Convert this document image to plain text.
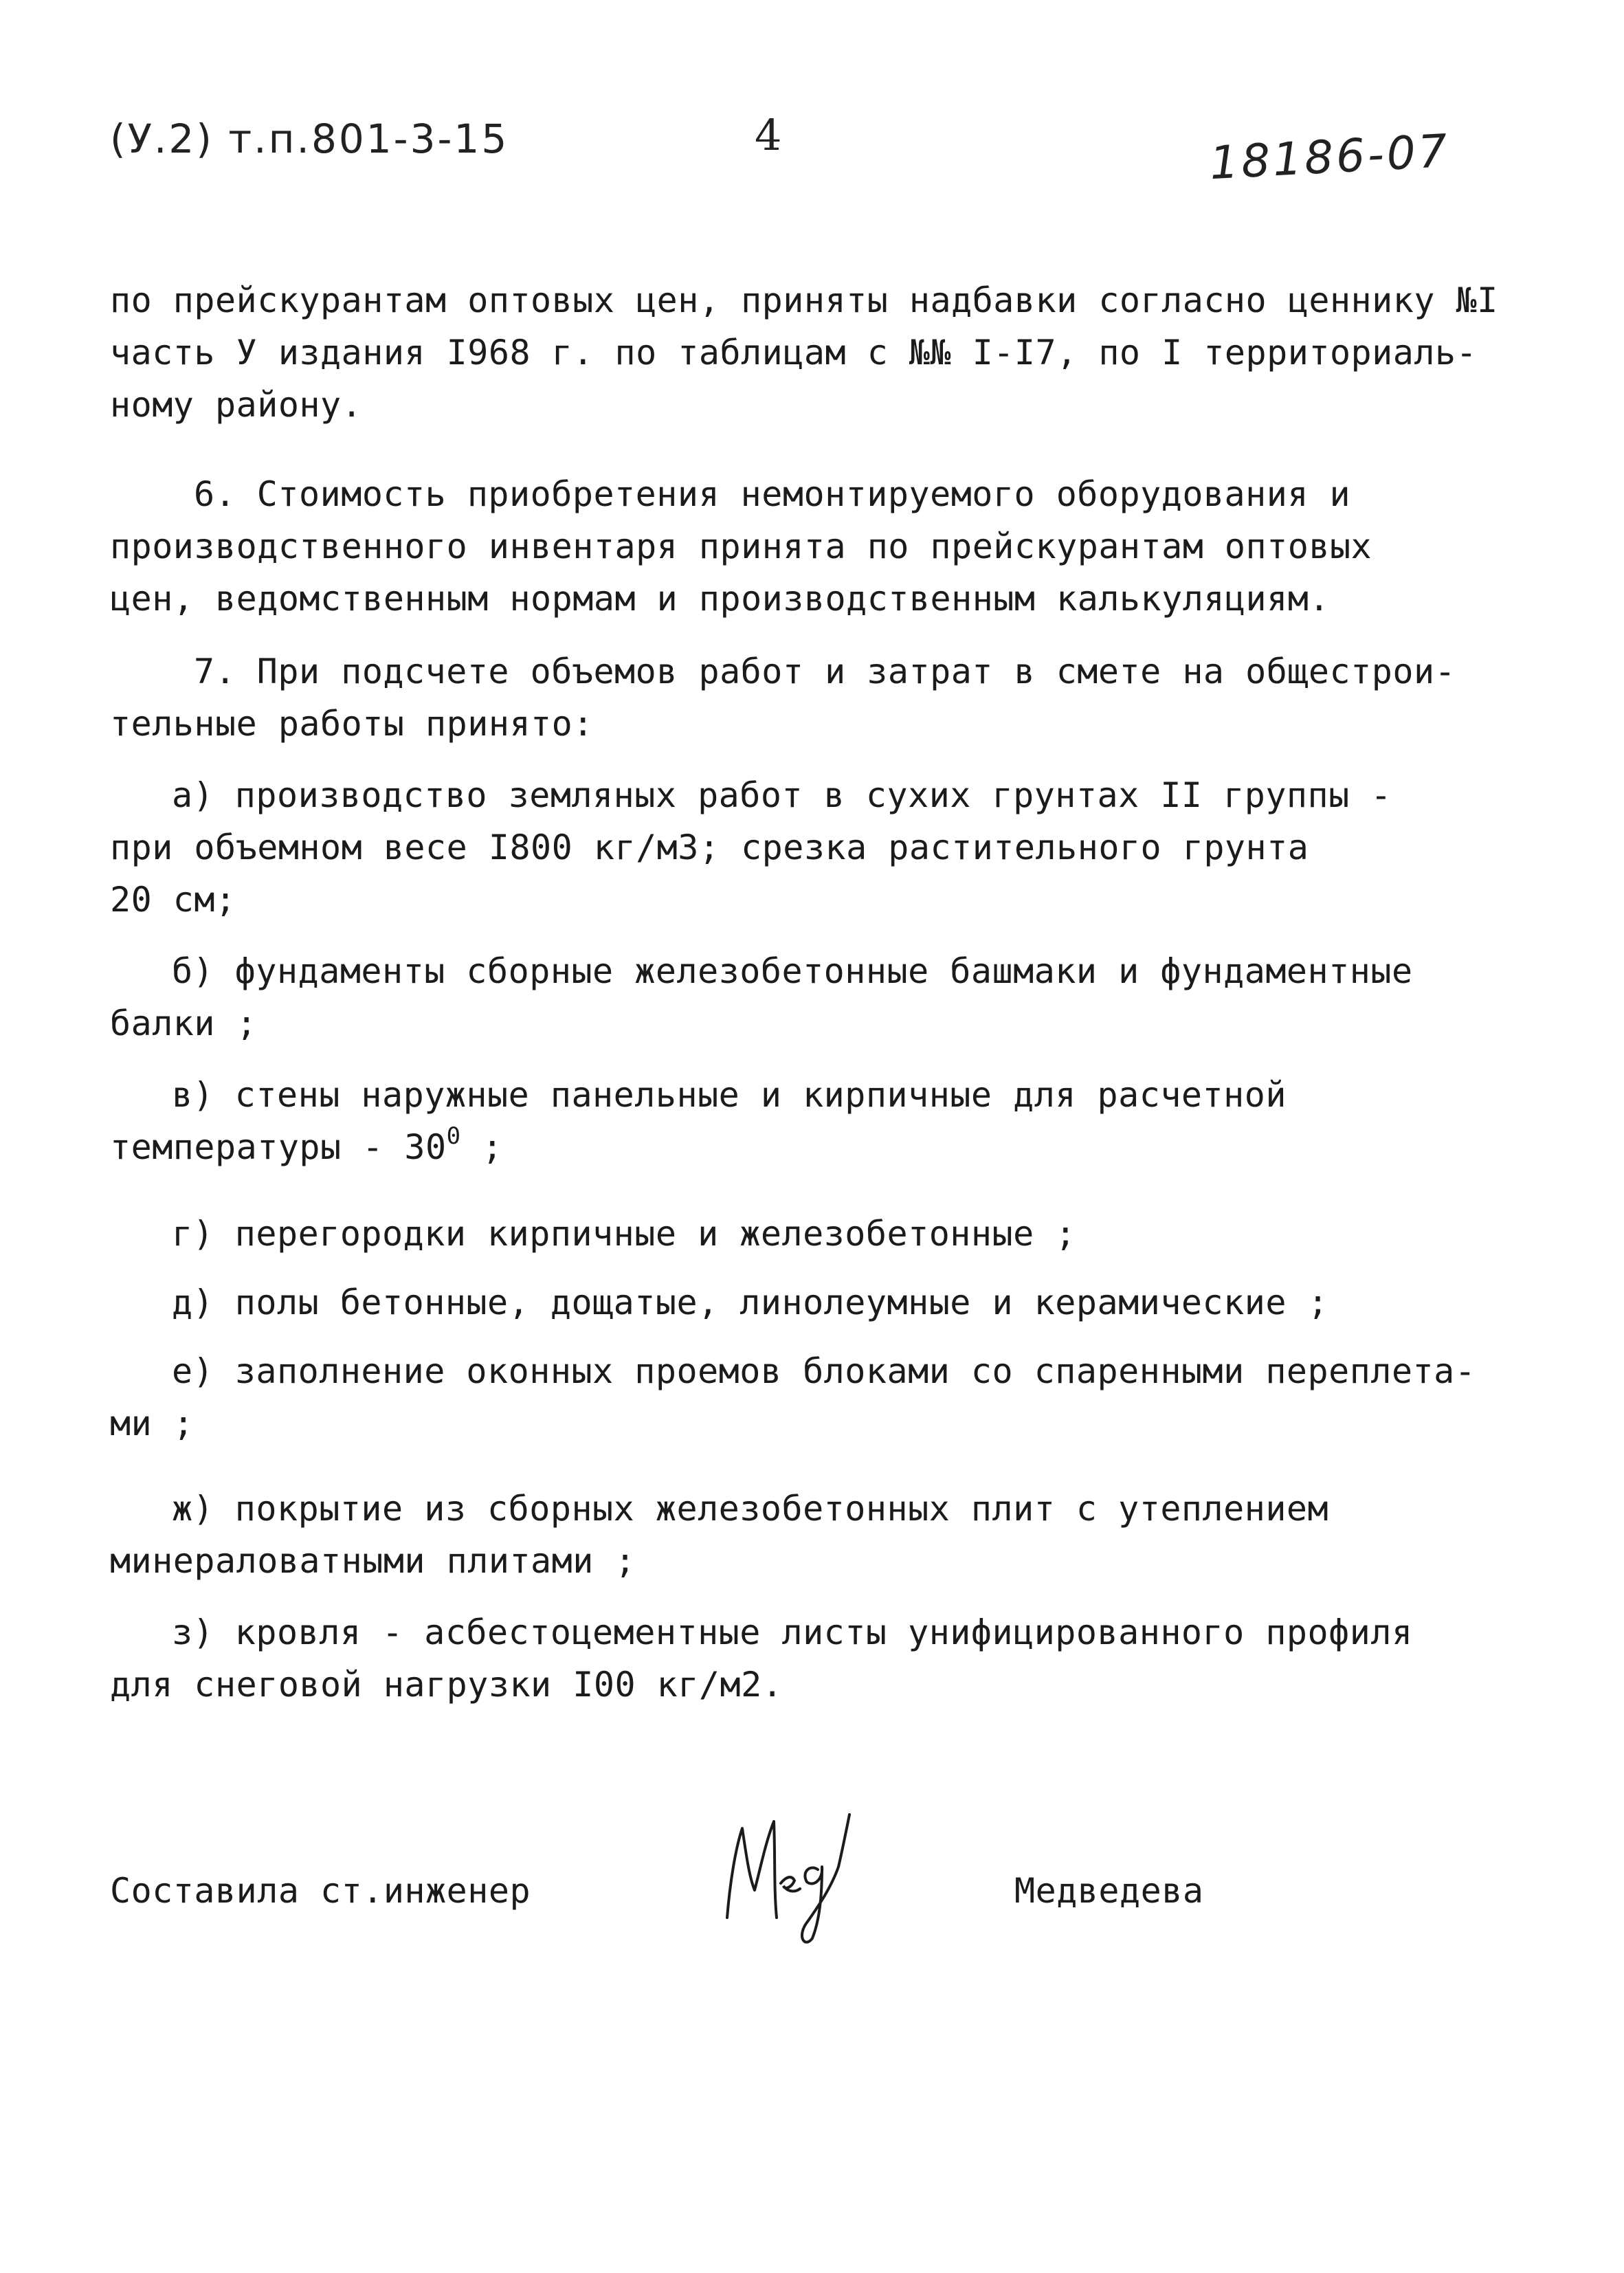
(У.2) т.п.801-3-15	4	18186-07
по прейскурантам оптовых цен, приняты надбавки согласно ценнику №I
часть У издания I968 г. по таблицам с №№ I-I7, по I территориаль-
ному району.
6. Стоимость приобретения немонтируемого оборудования и
производственного инвентаря принята по прейскурантам оптовых
цен, ведомственным нормам и производственным калькуляциям.
7. При подсчете объемов работ и затрат в смете на общестрои-
тельные работы принято:
а) производство земляных работ в сухих грунтах II группы -
при объемном весе I800 кг/м3; срезка растительного грунта
20 см;
б) фундаменты сборные железобетонные башмаки и фундаментные
балки ;
в) стены наружные панельные и кирпичные для расчетной
температуры - $30^0$ ;
г) перегородки кирпичные и железобетонные ;
д) полы бетонные, дощатые, линолеумные и керамические ;
е) заполнение оконных проемов блоками со спаренными переплета-
ми ;
ж) покрытие из сборных железобетонных плит с утеплением
минераловатными плитами ;
з) кровля - асбестоцементные листы унифицированного профиля
для снеговой нагрузки I00 кг/м2.
Составила ст.инженер	Медведева
